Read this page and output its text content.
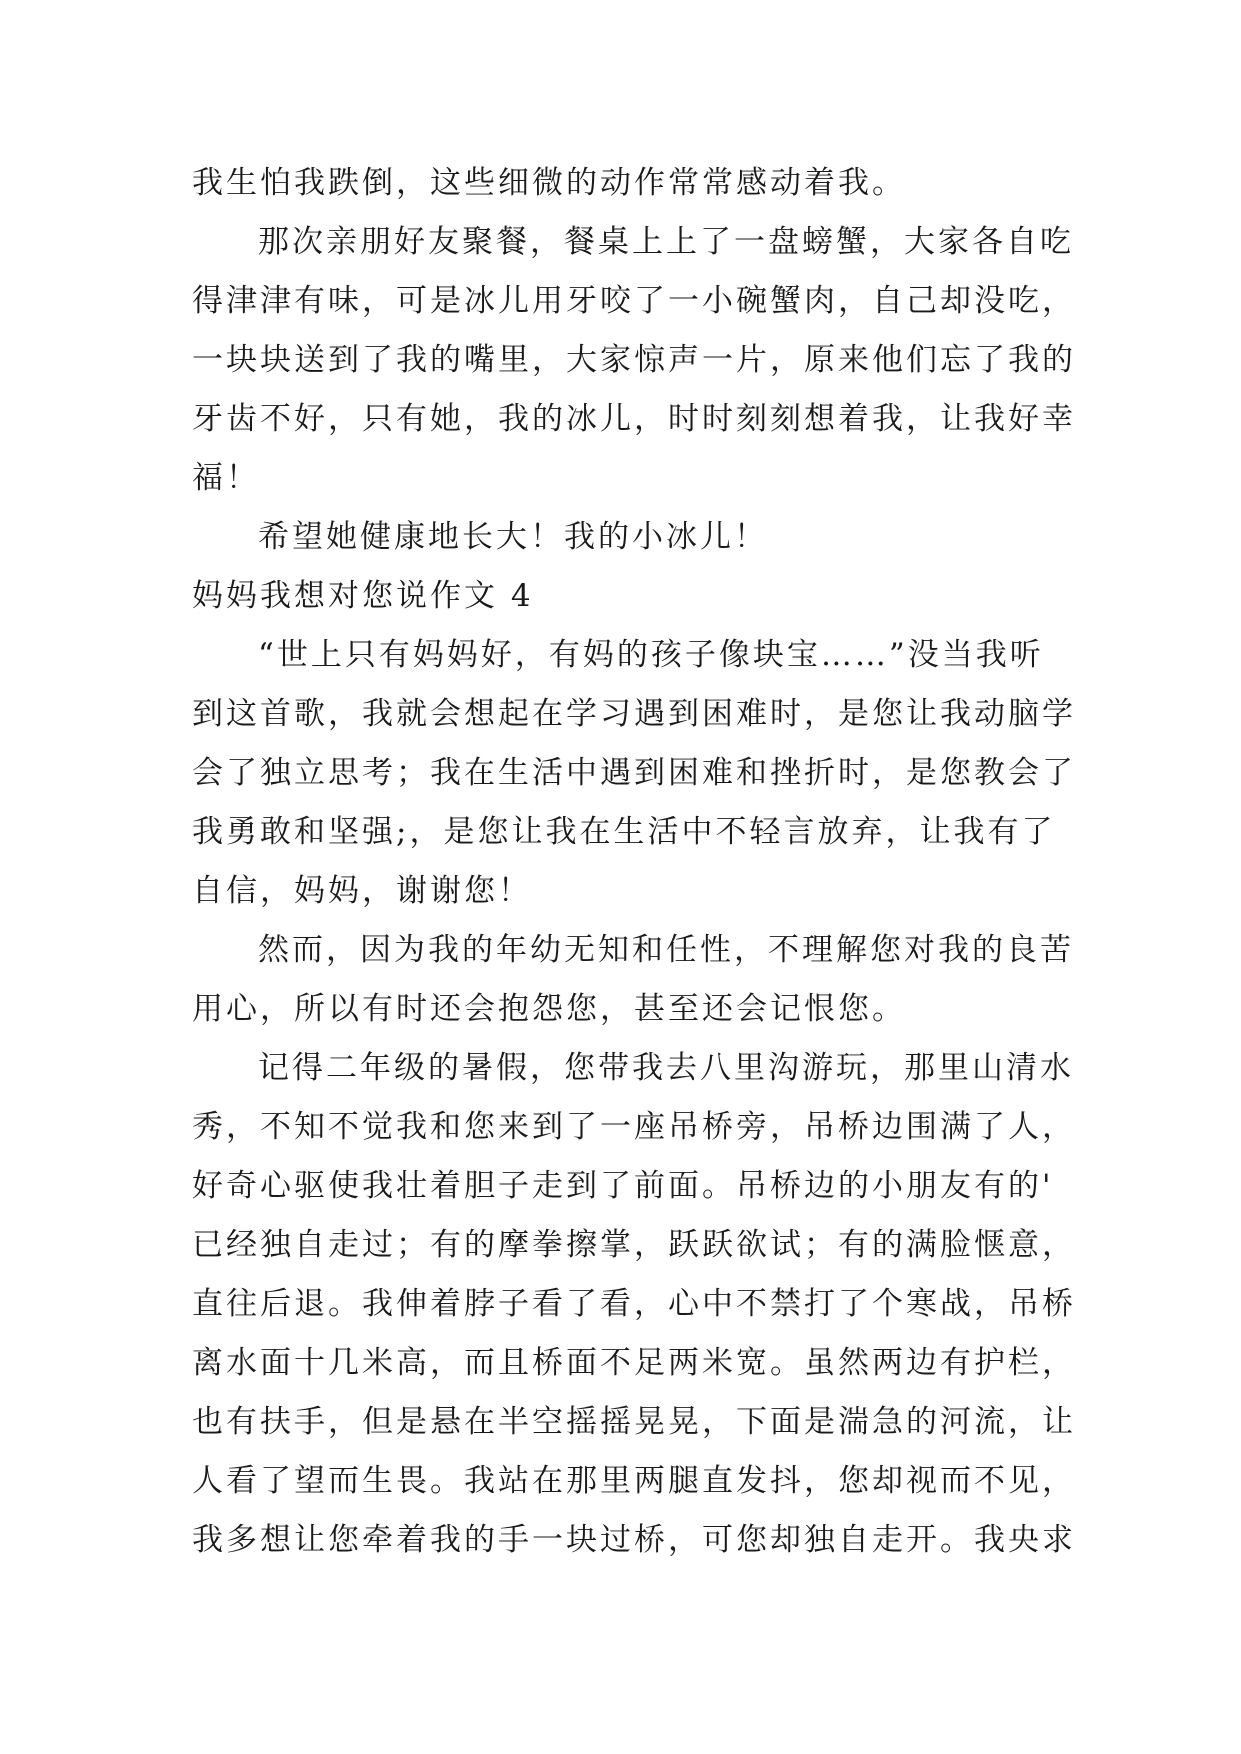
我生怕我跌倒，这些细微的动作常常感动着我。
那次亲朋好友聚餐，餐桌上上了一盘螃蟹，大家各自吃
得津津有味，可是冰儿用牙咬了一小碗蟹肉，自己却没吃，
一块块送到了我的嘴里，大家惊声一片，原来他们忘了我的
牙齿不好，只有她，我的冰儿，时时刻刻想着我，让我好幸
福！
希望她健康地长大！我的小冰儿！
妈妈我想对您说作文 4
“世上只有妈妈好，有妈的孩子像块宝……”没当我听
到这首歌，我就会想起在学习遇到困难时，是您让我动脑学
会了独立思考；我在生活中遇到困难和挫折时，是您教会了
我勇敢和坚强;，是您让我在生活中不轻言放弃，让我有了
自信，妈妈，谢谢您！
然而，因为我的年幼无知和任性，不理解您对我的良苦
用心，所以有时还会抱怨您，甚至还会记恨您。
记得二年级的暑假，您带我去八里沟游玩，那里山清水
秀，不知不觉我和您来到了一座吊桥旁，吊桥边围满了人，
好奇心驱使我壮着胆子走到了前面。吊桥边的小朋友有的'
已经独自走过；有的摩拳擦掌，跃跃欲试；有的满脸惬意，
直往后退。我伸着脖子看了看，心中不禁打了个寒战，吊桥
离水面十几米高，而且桥面不足两米宽。虽然两边有护栏，
也有扶手，但是悬在半空摇摇晃晃，下面是湍急的河流，让
人看了望而生畏。我站在那里两腿直发抖，您却视而不见，
我多想让您牵着我的手一块过桥，可您却独自走开。我央求
